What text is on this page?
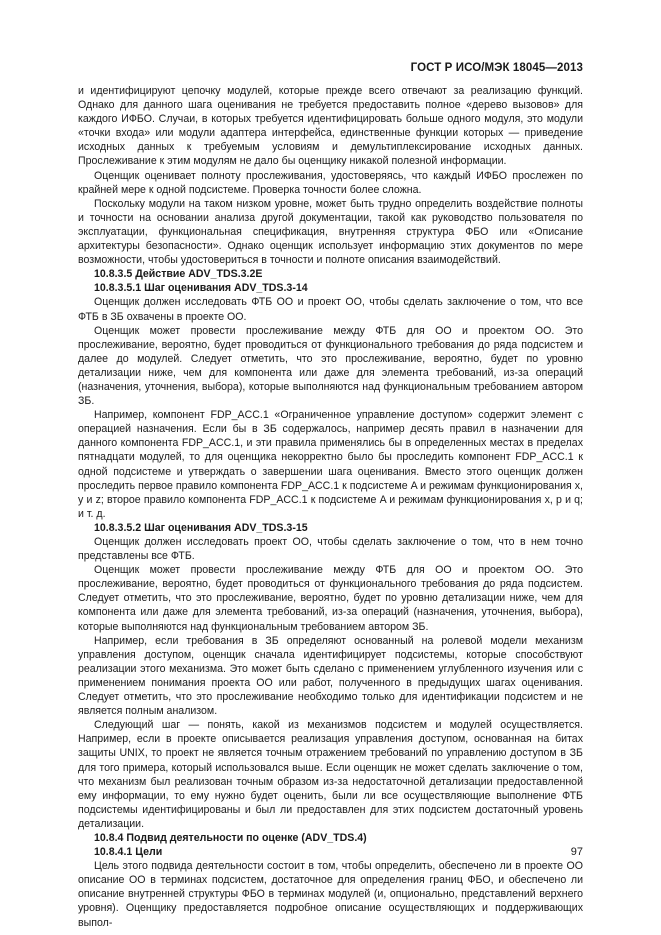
ГОСТ Р ИСО/МЭК 18045—2013

и идентифицируют цепочку модулей, которые прежде всего отвечают за реализацию функций. Однако для данного шага оценивания не требуется предоставить полное «дерево вызовов» для каждого ИФБО. Случаи, в которых требуется идентифицировать больше одного модуля, это модули «точки входа» или модули адаптера интерфейса, единственные функции которых — приведение исходных данных к требуемым условиям и демультиплексирование исходных данных. Прослеживание к этим модулям не дало бы оценщику никакой полезной информации.

Оценщик оценивает полноту прослеживания, удостоверяясь, что каждый ИФБО прослежен по крайней мере к одной подсистеме. Проверка точности более сложна.

Поскольку модули на таком низком уровне, может быть трудно определить воздействие полноты и точности на основании анализа другой документации, такой как руководство пользователя по эксплуатации, функциональная спецификация, внутренняя структура ФБО или «Описание архитектуры безопасности». Однако оценщик использует информацию этих документов по мере возможности, чтобы удостовериться в точности и полноте описания взаимодействий.

10.8.3.5 Действие ADV_TDS.3.2E

10.8.3.5.1 Шаг оценивания ADV_TDS.3-14

Оценщик должен исследовать ФТБ ОО и проект ОО, чтобы сделать заключение о том, что все ФТБ в ЗБ охвачены в проекте ОО.

Оценщик может провести прослеживание между ФТБ для ОО и проектом ОО. Это прослеживание, вероятно, будет проводиться от функционального требования до ряда подсистем и далее до модулей. Следует отметить, что это прослеживание, вероятно, будет по уровню детализации ниже, чем для компонента или даже для элемента требований, из-за операций (назначения, уточнения, выбора), которые выполняются над функциональным требованием автором ЗБ.

Например, компонент FDP_ACC.1 «Ограниченное управление доступом» содержит элемент с операцией назначения. Если бы в ЗБ содержалось, например десять правил в назначении для данного компонента FDP_ACC.1, и эти правила применялись бы в определенных местах в пределах пятнадцати модулей, то для оценщика некорректно было бы проследить компонент FDP_ACC.1 к одной подсистеме и утверждать о завершении шага оценивания. Вместо этого оценщик должен проследить первое правило компонента FDP_ACC.1 к подсистеме A и режимам функционирования x, y и z; второе правило компонента FDP_ACC.1 к подсистеме A и режимам функционирования x, p и q; и т. д.

10.8.3.5.2 Шаг оценивания ADV_TDS.3-15

Оценщик должен исследовать проект ОО, чтобы сделать заключение о том, что в нем точно представлены все ФТБ.

Оценщик может провести прослеживание между ФТБ для ОО и проектом ОО. Это прослеживание, вероятно, будет проводиться от функционального требования до ряда подсистем. Следует отметить, что это прослеживание, вероятно, будет по уровню детализации ниже, чем для компонента или даже для элемента требований, из-за операций (назначения, уточнения, выбора), которые выполняются над функциональным требованием автором ЗБ.

Например, если требования в ЗБ определяют основанный на ролевой модели механизм управления доступом, оценщик сначала идентифицирует подсистемы, которые способствуют реализации этого механизма. Это может быть сделано с применением углубленного изучения или с применением понимания проекта ОО или работ, полученного в предыдущих шагах оценивания. Следует отметить, что это прослеживание необходимо только для идентификации подсистем и не является полным анализом.

Следующий шаг — понять, какой из механизмов подсистем и модулей осуществляется. Например, если в проекте описывается реализация управления доступом, основанная на битах защиты UNIX, то проект не является точным отражением требований по управлению доступом в ЗБ для того примера, который использовался выше. Если оценщик не может сделать заключение о том, что механизм был реализован точным образом из-за недостаточной детализации предоставленной ему информации, то ему нужно будет оценить, были ли все осуществляющие выполнение ФТБ подсистемы идентифицированы и был ли предоставлен для этих подсистем достаточный уровень детализации.

10.8.4 Подвид деятельности по оценке (ADV_TDS.4)

10.8.4.1 Цели

Цель этого подвида деятельности состоит в том, чтобы определить, обеспечено ли в проекте ОО описание ОО в терминах подсистем, достаточное для определения границ ФБО, и обеспечено ли описание внутренней структуры ФБО в терминах модулей (и, опционально, представлений верхнего уровня). Оценщику предоставляется подробное описание осуществляющих и поддерживающих выпол-

97
